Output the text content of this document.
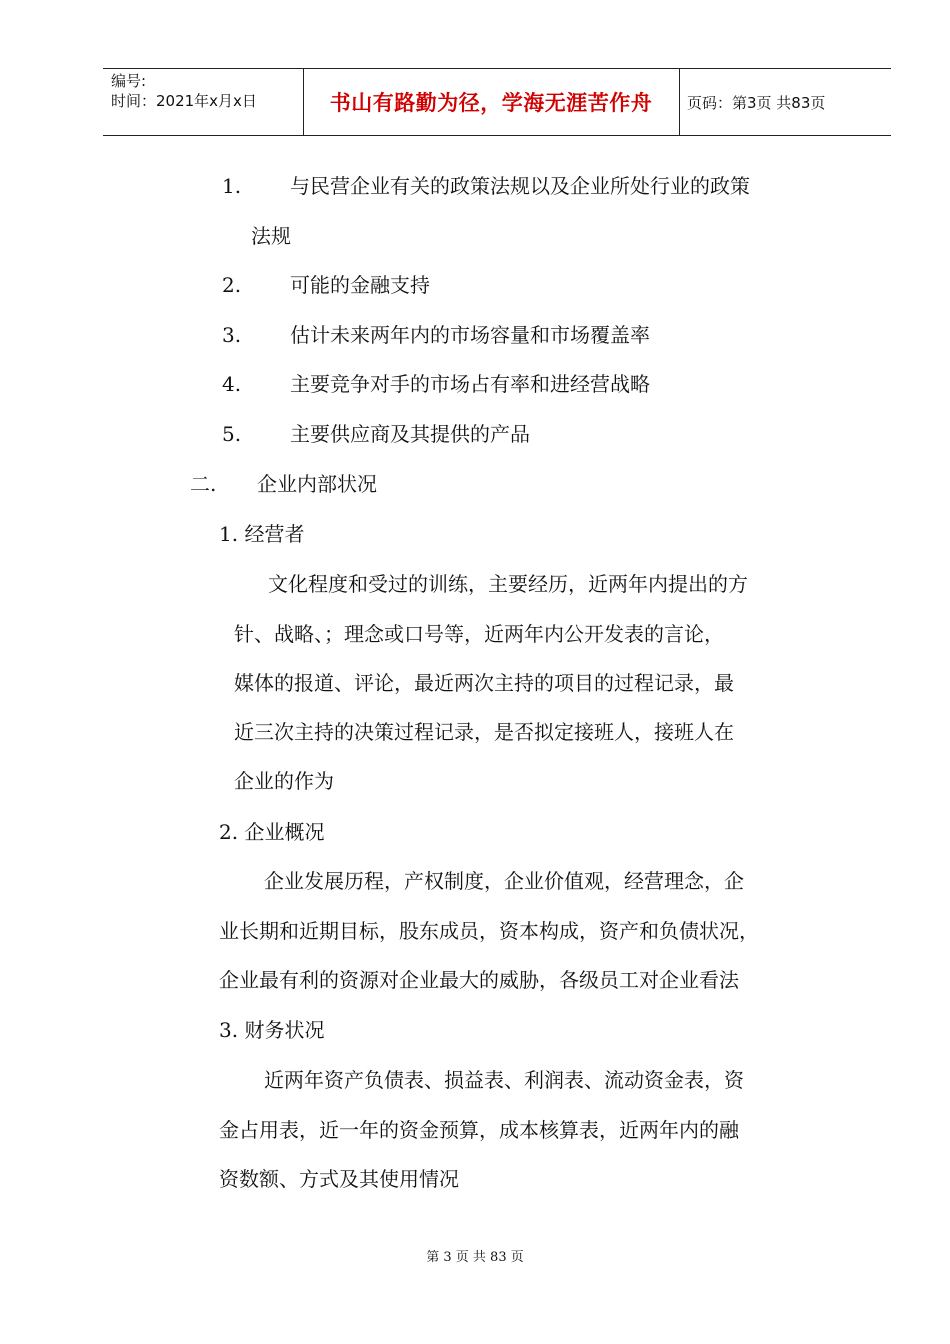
编号:
时间：2021年x月x日	书山有路勤为径，学海无涯苦作舟	页码：第3页 共83页
1. 与民营企业有关的政策法规以及企业所处行业的政策
法规
2. 可能的金融支持
3. 估计未来两年内的市场容量和市场覆盖率
4. 主要竞争对手的市场占有率和进经营战略
5. 主要供应商及其提供的产品
二. 企业内部状况
1. 经营者
文化程度和受过的训练，主要经历，近两年内提出的方
针、战略、；理念或口号等，近两年内公开发表的言论，
媒体的报道、评论，最近两次主持的项目的过程记录，最
近三次主持的决策过程记录，是否拟定接班人，接班人在
企业的作为
2. 企业概况
企业发展历程，产权制度，企业价值观，经营理念，企
业长期和近期目标，股东成员，资本构成，资产和负债状况，
企业最有利的资源对企业最大的威胁，各级员工对企业看法
3. 财务状况
近两年资产负债表、损益表、利润表、流动资金表，资
金占用表，近一年的资金预算，成本核算表，近两年内的融
资数额、方式及其使用情况
第 3 页 共 83 页
